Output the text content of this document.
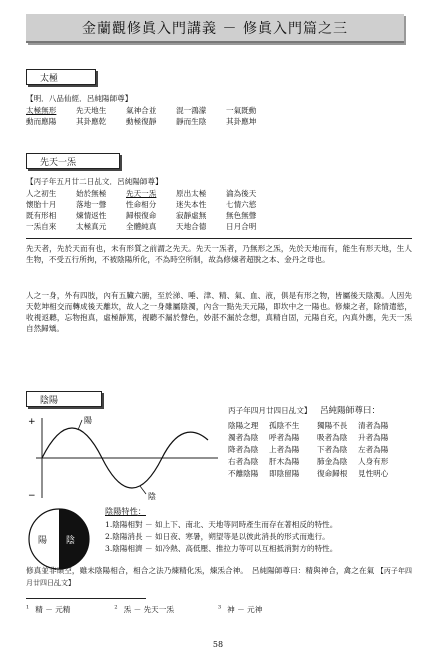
金蘭觀修眞入門講義 － 修眞入門篇之三
太極
【明．八品仙經．呂純陽師尊】
太極無形	先天地生	氣神合並	混一鴻濛	一氣既動
動而應陽	其卦應乾	動極復靜	靜而生陰	其卦應坤
先天一炁
【丙子年五月廿二日乩文．呂純陽師尊】
人之初生	始於無極	先天一炁	原出太極	淪為後天
懷胎十月	落地一聲	性命相分	迷失本性	七情六慾
既有形相	煉情返性	歸根復命	寂靜虛無	無色無聲
一炁自來	太極真元	全體純真	天地合德	日月合明
先天者，先於天而有也，未有形質之前謂之先天。先天一炁者，乃無形之炁，先於天地而有，能生有形天地，生人生物，不受五行所拘，不被陰陽所化，不為時空所制，故為修煉者超脫之本、金丹之母也。
人之一身，外有四肢，內有五臟六腑，至於涕、唾、津、精、氣、血、液，俱是有形之物，皆屬後天陰濁。人因先天乾坤相交而轉成後天離坎，故人之一身雖屬陰濁，內含一點先天元陽，即坎中之一陽也。修煉之者，除情遣慾，收視返聽，忘物抱真，虛極靜篤，視聽不漏於聲色，妙湛不漏於念想，真精自固，元陽自充，內真外應，先天一炁自然歸矯。
陰陽
+
−
陽
陰
丙子年四月廿四日乩文】 呂純陽師尊曰：
陰陽之理	孤陰不生	獨陽不長	清者為陽
濁者為陰	呼者為陽	吸者為陰	升者為陽
降者為陰	上者為陽	下者為陰	左者為陽
右者為陰	肝木為陽	肺金為陰	人身有形
不離陰陽	即陰留陽	復命歸根	見性明心
陽 陰
陰陽特性：
1.陰陽相對 － 如上下、南北、天地等同時產生而存在著相反的特性。
2.陰陽消長 － 如日夜、寒暑，朔望等是以彼此消長的形式而進行。
3.陰陽相濟 － 如冷熱、高低壓、推拉力等可以互相抵消對方的特性。
修真並非頑空，雖未陰陽相合，相合之法乃煉精化炁，煉炁合神。　呂純陽師尊曰：精與神合，禽之在氣 【丙子年四月廿四日乩文】
$^1$ 精 － 元精	$^2$ 炁 － 先天一炁	$^3$ 神 － 元神
58
